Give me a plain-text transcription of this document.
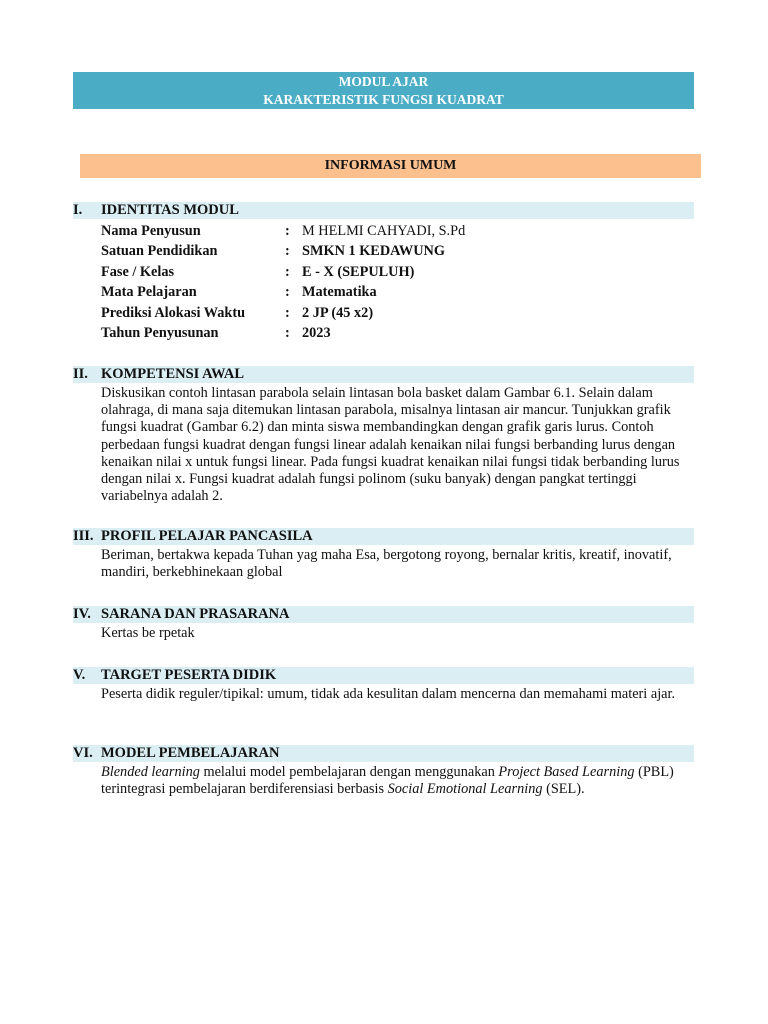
MODUL AJAR
KARAKTERISTIK FUNGSI KUADRAT
INFORMASI UMUM
I.	IDENTITAS MODUL
Nama Penyusun	: M HELMI CAHYADI, S.Pd
Satuan Pendidikan	: SMKN 1 KEDAWUNG
Fase / Kelas	: E - X (SEPULUH)
Mata Pelajaran	: Matematika
Prediksi Alokasi Waktu	: 2 JP (45 x2)
Tahun Penyusunan	: 2023
II. KOMPETENSI AWAL
Diskusikan contoh lintasan parabola selain lintasan bola basket dalam Gambar 6.1. Selain dalam olahraga, di mana saja ditemukan lintasan parabola, misalnya lintasan air mancur. Tunjukkan grafik fungsi kuadrat (Gambar 6.2) dan minta siswa membandingkan dengan grafik garis lurus. Contoh perbedaan fungsi kuadrat dengan fungsi linear adalah kenaikan nilai fungsi berbanding lurus dengan kenaikan nilai x untuk fungsi linear. Pada fungsi kuadrat kenaikan nilai fungsi tidak berbanding lurus dengan nilai x. Fungsi kuadrat adalah fungsi polinom (suku banyak) dengan pangkat tertinggi variabelnya adalah 2.
III. PROFIL PELAJAR PANCASILA
Beriman, bertakwa kepada Tuhan yag maha Esa, bergotong royong, bernalar kritis, kreatif, inovatif, mandiri, berkebhinekaan global
IV. SARANA DAN PRASARANA
Kertas be rpetak
V.	TARGET PESERTA DIDIK
Peserta didik reguler/tipikal: umum, tidak ada kesulitan dalam mencerna dan memahami materi ajar.
VI. MODEL PEMBELAJARAN
Blended learning melalui model pembelajaran dengan menggunakan Project Based Learning (PBL) terintegrasi pembelajaran berdiferensiasi berbasis Social Emotional Learning (SEL).
